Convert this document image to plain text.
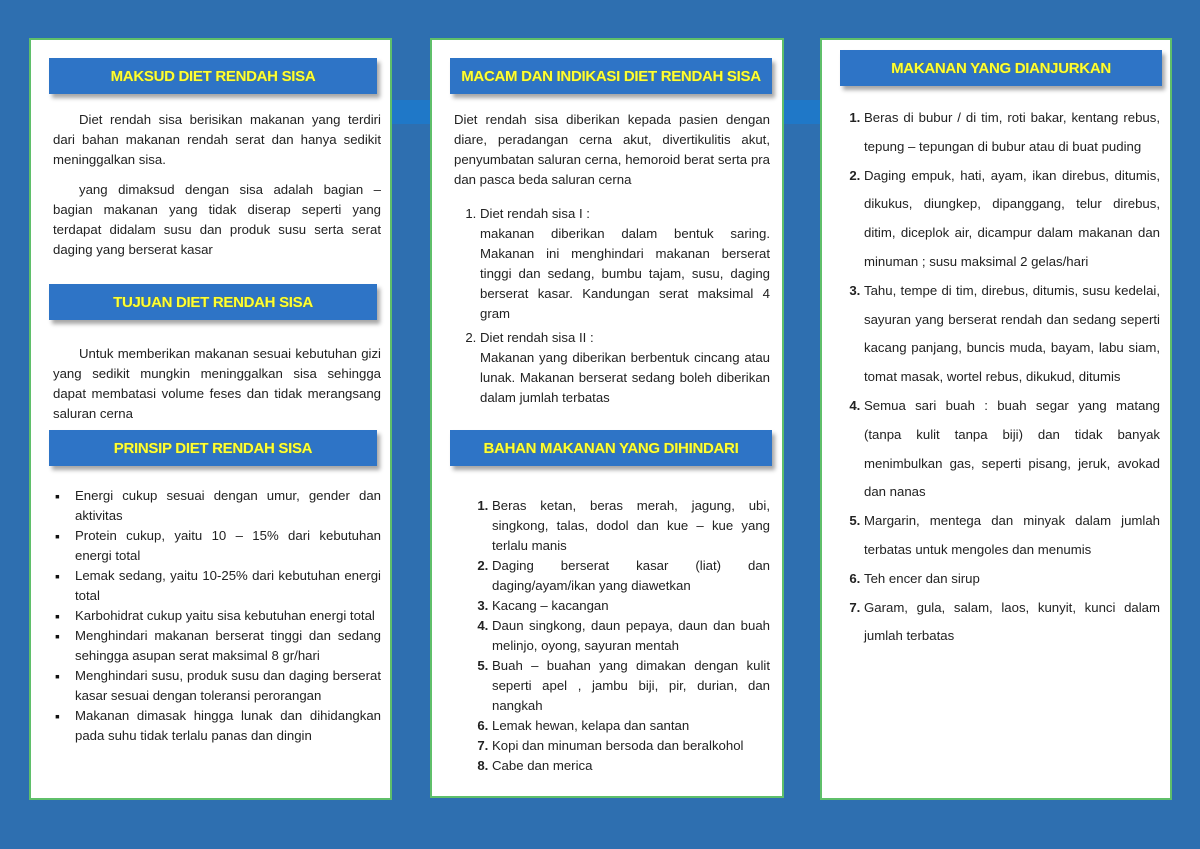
MAKSUD DIET RENDAH SISA

Diet rendah sisa berisikan makanan yang terdiri dari bahan makanan rendah serat dan hanya sedikit meninggalkan sisa.

yang dimaksud dengan sisa adalah bagian – bagian makanan yang tidak diserap seperti yang terdapat didalam susu dan produk susu serta serat daging yang berserat kasar

TUJUAN DIET RENDAH SISA

Untuk memberikan makanan sesuai kebutuhan gizi yang sedikit mungkin meninggalkan sisa sehingga dapat membatasi volume feses dan tidak merangsang saluran cerna

PRINSIP DIET RENDAH SISA
▪ Energi cukup sesuai dengan umur, gender dan aktivitas
▪ Protein cukup, yaitu 10 – 15% dari kebutuhan energi total
▪ Lemak sedang, yaitu 10-25% dari kebutuhan energi total
▪ Karbohidrat cukup yaitu sisa kebutuhan energi total
▪ Menghindari makanan berserat tinggi dan sedang sehingga asupan serat maksimal 8 gr/hari
▪ Menghindari susu, produk susu dan daging berserat kasar sesuai dengan toleransi perorangan
▪ Makanan dimasak hingga lunak dan dihidangkan pada suhu tidak terlalu panas dan dingin
MACAM DAN INDIKASI DIET RENDAH SISA

Diet rendah sisa diberikan kepada pasien dengan diare, peradangan cerna akut, divertikulitis akut, penyumbatan saluran cerna, hemoroid berat serta pra dan pasca beda saluran cerna

1. Diet rendah sisa I :
makanan diberikan dalam bentuk saring. Makanan ini menghindari makanan berserat tinggi dan sedang, bumbu tajam, susu, daging berserat kasar. Kandungan serat maksimal 4 gram
2. Diet rendah sisa II :
Makanan yang diberikan berbentuk cincang atau lunak. Makanan berserat sedang boleh diberikan dalam jumlah terbatas
BAHAN MAKANAN YANG DIHINDARI
1. Beras ketan, beras merah, jagung, ubi, singkong, talas, dodol dan kue – kue yang terlalu manis
2. Daging berserat kasar (liat) dan daging/ayam/ikan yang diawetkan
3. Kacang – kacangan
4. Daun singkong, daun pepaya, daun dan buah melinjo, oyong, sayuran mentah
5. Buah – buahan yang dimakan dengan kulit seperti apel , jambu biji, pir, durian, dan nangkah
6. Lemak hewan, kelapa dan santan
7. Kopi dan minuman bersoda dan beralkohol
8. Cabe dan merica
MAKANAN YANG DIANJURKAN
1. Beras di bubur / di tim, roti bakar, kentang rebus, tepung – tepungan di bubur atau di buat puding
2. Daging empuk, hati, ayam, ikan direbus, ditumis, dikukus, diungkep, dipanggang, telur direbus, ditim, diceplok air, dicampur dalam makanan dan minuman ; susu maksimal 2 gelas/hari
3. Tahu, tempe di tim, direbus, ditumis, susu kedelai, sayuran yang berserat rendah dan sedang seperti kacang panjang, buncis muda, bayam, labu siam, tomat masak, wortel rebus, dikukud, ditumis
4. Semua sari buah : buah segar yang matang (tanpa kulit tanpa biji) dan tidak banyak menimbulkan gas, seperti pisang, jeruk, avokad dan nanas
5. Margarin, mentega dan minyak dalam jumlah terbatas untuk mengoles dan menumis
6. Teh encer dan sirup
7. Garam, gula, salam, laos, kunyit, kunci dalam jumlah terbatas
